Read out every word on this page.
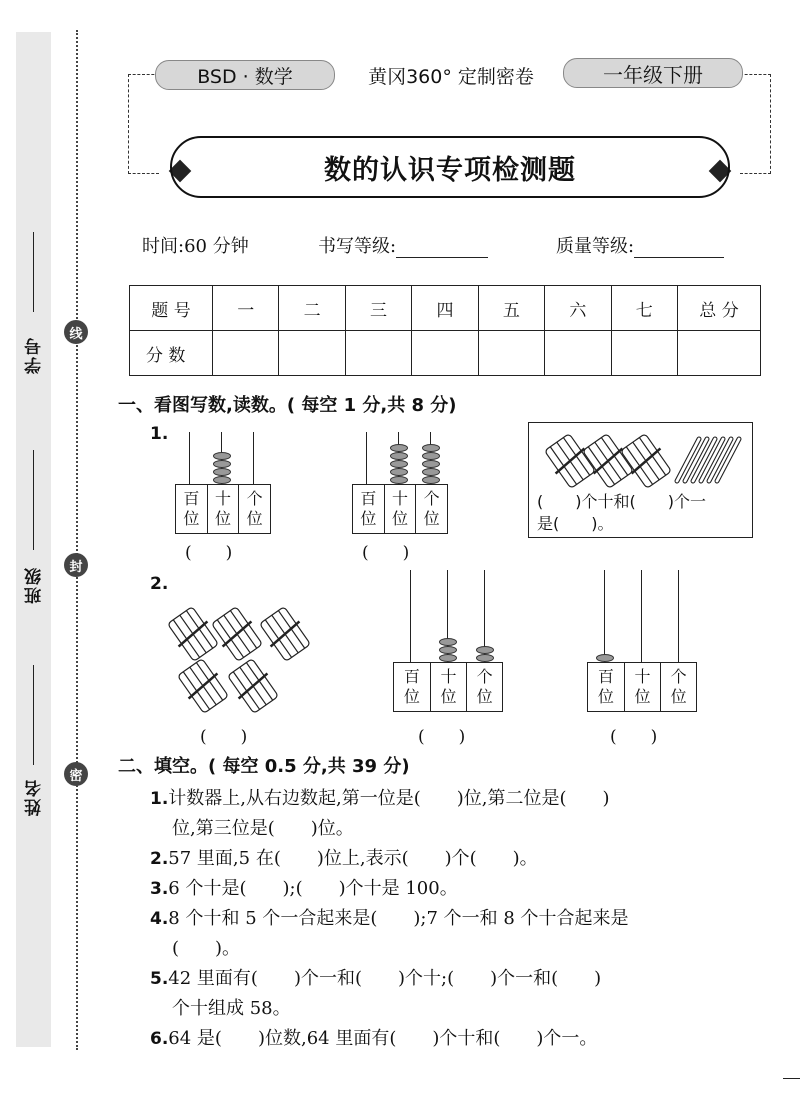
学号
线
班级	封
姓名
密
BSD · 数学	黄冈360° 定制密卷	一年级下册
数的认识专项检测题
时间:60 分钟	书写等级:	质量等级:
题 号	一	二	三	四	五	六	七	总 分
分 数								
一、看图写数,读数。( 每空 1 分,共 8 分)
1.
百
位
十
位
个
位
(　　)
百
位
十
位
个
位
(　　)
(　　)个十和(　　)个一
是(　　)。
2.
(　　)
百
位
十
位
个
位
(　　)
百
位
十
位
个
位
(　　)
二、填空。( 每空 0.5 分,共 39 分)
1.计数器上,从右边数起,第一位是(　　)位,第二位是(　　)
位,第三位是(　　)位。
2.57 里面,5 在(　　)位上,表示(　　)个(　　)。
3.6 个十是(　　);(　　)个十是 100。
4.8 个十和 5 个一合起来是(　　);7 个一和 8 个十合起来是
(　　)。
5.42 里面有(　　)个一和(　　)个十;(　　)个一和(　　)
个十组成 58。
6.64 是(　　)位数,64 里面有(　　)个十和(　　)个一。
